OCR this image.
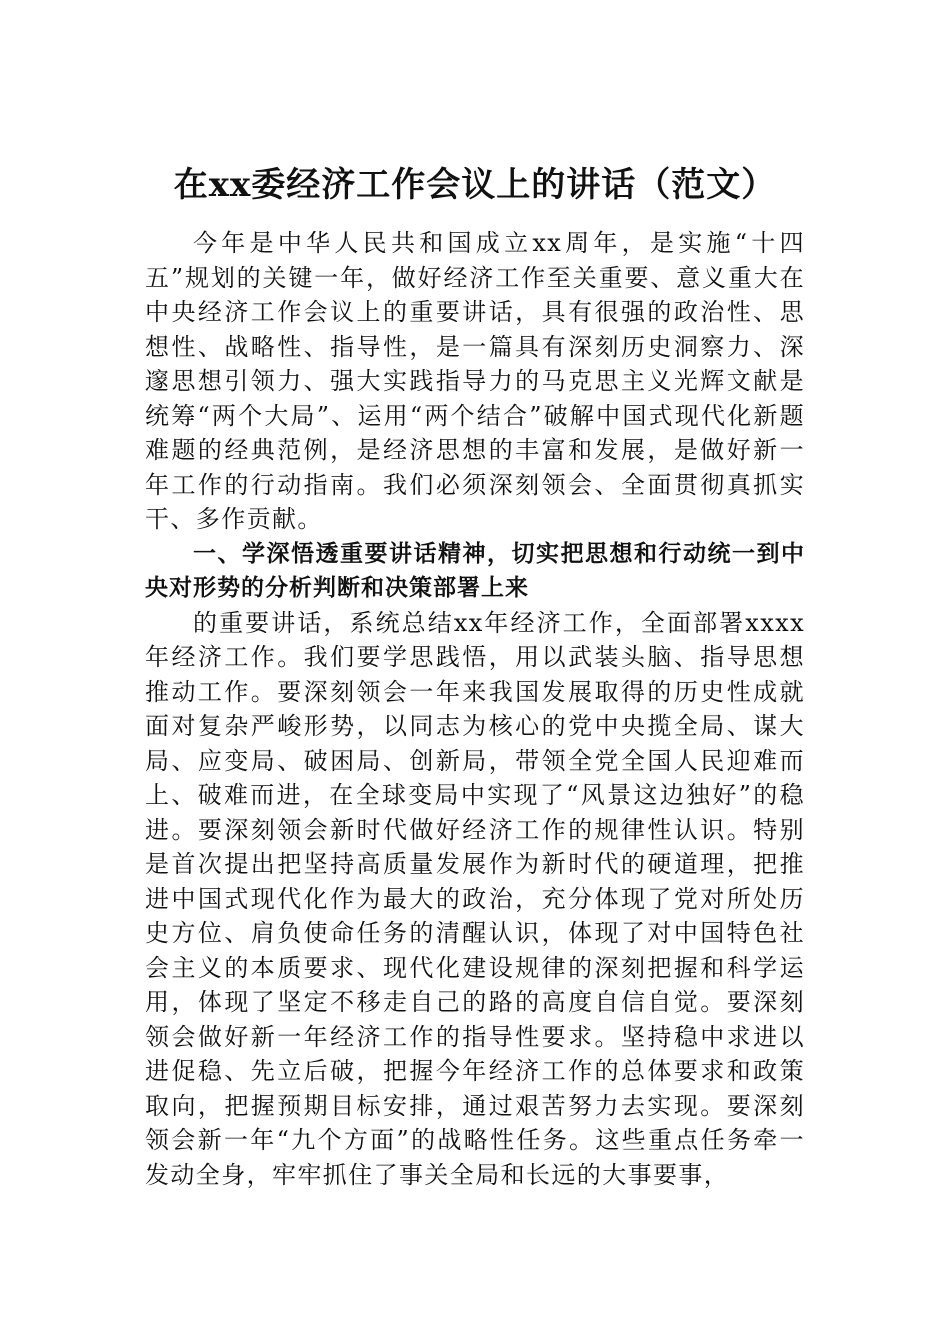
在xx委经济工作会议上的讲话（范文）

今年是中华人民共和国成立xx周年，是实施“十四五”规划的关键一年，做好经济工作至关重要、意义重大在中央经济工作会议上的重要讲话，具有很强的政治性、思想性、战略性、指导性，是一篇具有深刻历史洞察力、深邃思想引领力、强大实践指导力的马克思主义光辉文献是统筹“两个大局”、运用“两个结合”破解中国式现代化新题难题的经典范例，是经济思想的丰富和发展，是做好新一年工作的行动指南。我们必须深刻领会、全面贯彻真抓实干、多作贡献。

一、学深悟透重要讲话精神，切实把思想和行动统一到中央对形势的分析判断和决策部署上来

的重要讲话，系统总结xx年经济工作，全面部署xxxx年经济工作。我们要学思践悟，用以武装头脑、指导思想推动工作。要深刻领会一年来我国发展取得的历史性成就面对复杂严峻形势，以同志为核心的党中央揽全局、谋大局、应变局、破困局、创新局，带领全党全国人民迎难而上、破难而进，在全球变局中实现了“风景这边独好”的稳进。要深刻领会新时代做好经济工作的规律性认识。特别是首次提出把坚持高质量发展作为新时代的硬道理，把推进中国式现代化作为最大的政治，充分体现了党对所处历史方位、肩负使命任务的清醒认识，体现了对中国特色社会主义的本质要求、现代化建设规律的深刻把握和科学运用，体现了坚定不移走自己的路的高度自信自觉。要深刻领会做好新一年经济工作的指导性要求。坚持稳中求进以进促稳、先立后破，把握今年经济工作的总体要求和政策取向，把握预期目标安排，通过艰苦努力去实现。要深刻领会新一年“九个方面”的战略性任务。这些重点任务牵一发动全身，牢牢抓住了事关全局和长远的大事要事，
